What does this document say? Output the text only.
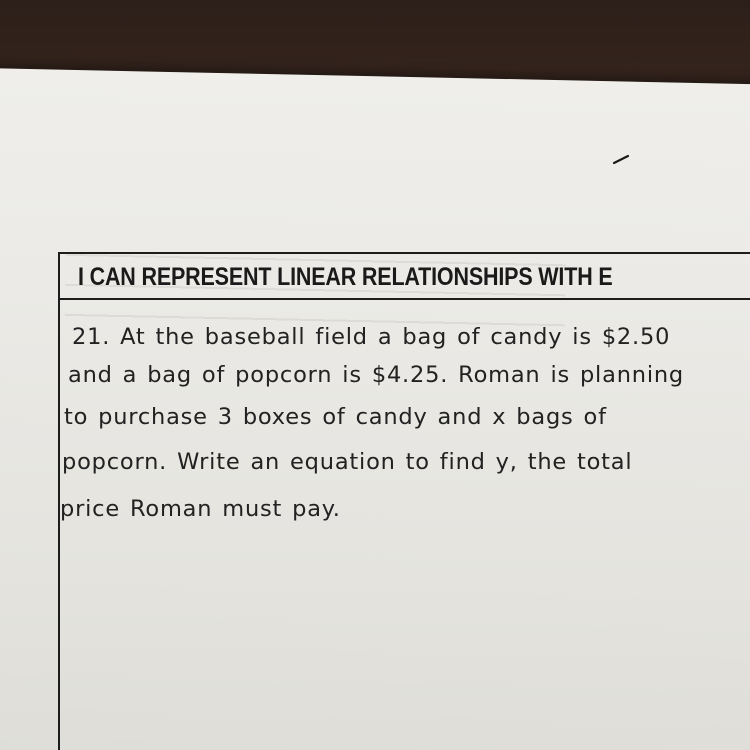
I CAN REPRESENT LINEAR RELATIONSHIPS WITH E
21. At the baseball field a bag of candy is $2.50
and a bag of popcorn is $4.25. Roman is planning
to purchase 3 boxes of candy and x bags of
popcorn. Write an equation to find y, the total
price Roman must pay.
